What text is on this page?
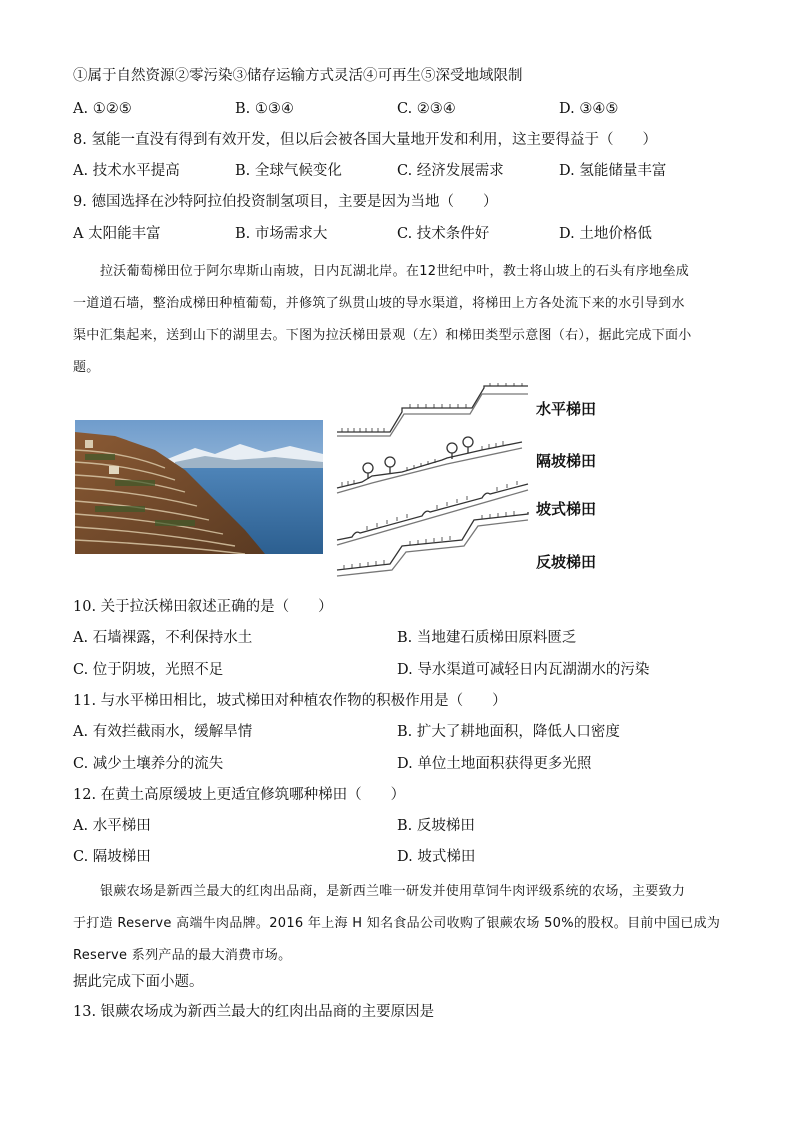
①属于自然资源②零污染③储存运输方式灵活④可再生⑤深受地域限制
A. ①②⑤	B. ①③④	C. ②③④	D. ③④⑤
8. 氢能一直没有得到有效开发，但以后会被各国大量地开发和利用，这主要得益于（　　）
A. 技术水平提高	B. 全球气候变化	C. 经济发展需求	D. 氢能储量丰富
9. 德国选择在沙特阿拉伯投资制氢项目，主要是因为当地（　　）
A 太阳能丰富	B. 市场需求大	C. 技术条件好	D. 土地价格低

拉沃葡萄梯田位于阿尔卑斯山南坡，日内瓦湖北岸。在12世纪中叶，教士将山坡上的石头有序地垒成

一道道石墙，整治成梯田种植葡萄，并修筑了纵贯山坡的导水渠道，将梯田上方各处流下来的水引导到水

渠中汇集起来，送到山下的湖里去。下图为拉沃梯田景观（左）和梯田类型示意图（右），据此完成下面小

题。

水平梯田
隔坡梯田
坡式梯田
反坡梯田
10. 关于拉沃梯田叙述正确的是（　　）
A. 石墙裸露，不利保持水土	B. 当地建石质梯田原料匮乏
C. 位于阴坡，光照不足	D. 导水渠道可减轻日内瓦湖湖水的污染
11. 与水平梯田相比，坡式梯田对种植农作物的积极作用是（　　）
A. 有效拦截雨水，缓解旱情	B. 扩大了耕地面积，降低人口密度
C. 减少土壤养分的流失	D. 单位土地面积获得更多光照
12. 在黄土高原缓坡上更适宜修筑哪种梯田（　　）
A. 水平梯田	B. 反坡梯田
C. 隔坡梯田	D. 坡式梯田

银蕨农场是新西兰最大的红肉出品商，是新西兰唯一研发并使用草饲牛肉评级系统的农场，主要致力

于打造 Reserve 高端牛肉品牌。2016 年上海 H 知名食品公司收购了银蕨农场 50%的股权。目前中国已成为

Reserve 系列产品的最大消费市场。

据此完成下面小题。
13. 银蕨农场成为新西兰最大的红肉出品商的主要原因是
